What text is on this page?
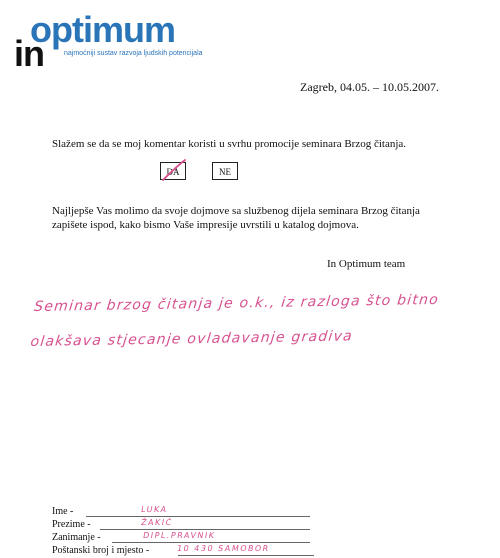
optimum
in	najmoćniji sustav razvoja ljudskih potencijala
Zagreb, 04.05. – 10.05.2007.
Slažem se da se moj komentar koristi u svrhu promocije seminara Brzog čitanja.
DA	NE
Najljepše Vas molimo da svoje dojmove sa službenog dijela seminara Brzog čitanja zapišete ispod, kako bismo Vaše impresije uvrstili u katalog dojmova.
In Optimum team
Seminar brzog čitanja je o.k., iz razloga što bitno olakšava stjecanje ovladavanje gradiva
Ime -	LUKA
Prezime -	ŽAKIĆ
Zanimanje -	DIPL.PRAVNIK
Poštanski broj i mjesto -	10 430 SAMOBOR
